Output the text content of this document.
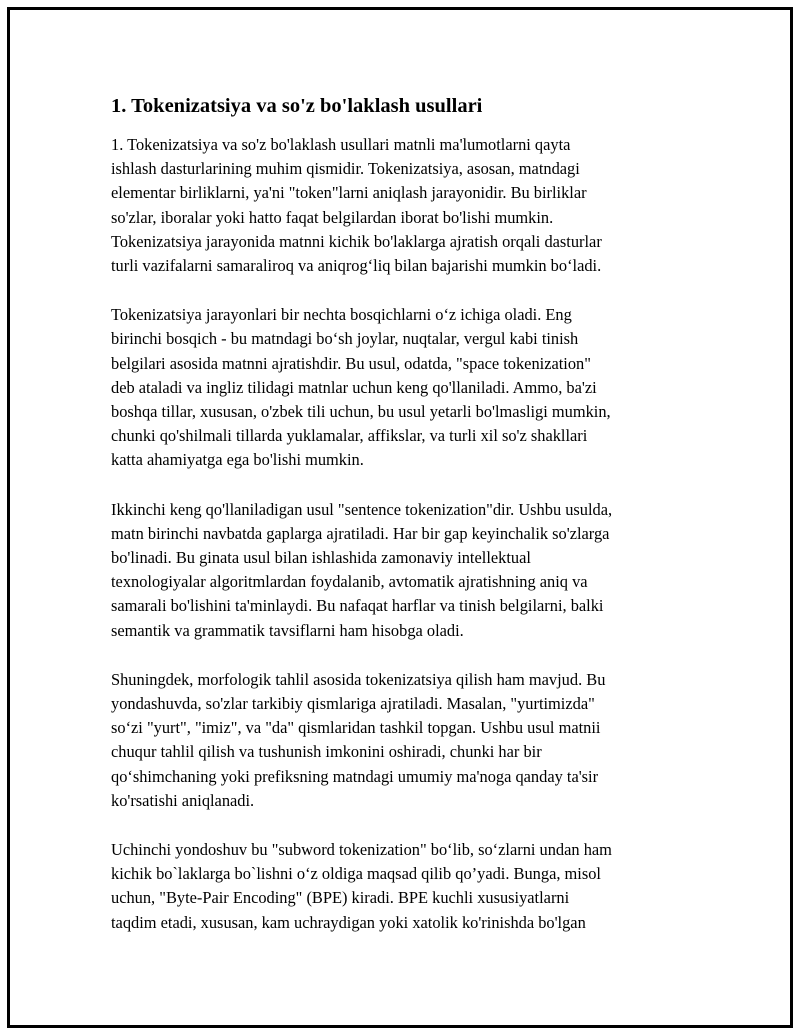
1. Tokenizatsiya va so'z bo'laklash usullari

1. Tokenizatsiya va so'z bo'laklash usullari matnli ma'lumotlarni qayta
ishlash dasturlarining muhim qismidir. Tokenizatsiya, asosan, matndagi
elementar birliklarni, ya'ni "token"larni aniqlash jarayonidir. Bu birliklar
so'zlar, iboralar yoki hatto faqat belgilardan iborat bo'lishi mumkin.
Tokenizatsiya jarayonida matnni kichik bo'laklarga ajratish orqali dasturlar
turli vazifalarni samaraliroq va aniqrog‘liq bilan bajarishi mumkin bo‘ladi.

Tokenizatsiya jarayonlari bir nechta bosqichlarni o‘z ichiga oladi. Eng
birinchi bosqich - bu matndagi bo‘sh joylar, nuqtalar, vergul kabi tinish
belgilari asosida matnni ajratishdir. Bu usul, odatda, "space tokenization"
deb ataladi va ingliz tilidagi matnlar uchun keng qo'llaniladi. Ammo, ba'zi
boshqa tillar, xususan, o'zbek tili uchun, bu usul yetarli bo'lmasligi mumkin,
chunki qo'shilmali tillarda yuklamalar, affikslar, va turli xil so'z shakllari
katta ahamiyatga ega bo'lishi mumkin.

Ikkinchi keng qo'llaniladigan usul "sentence tokenization"dir. Ushbu usulda,
matn birinchi navbatda gaplarga ajratiladi. Har bir gap keyinchalik so'zlarga
bo'linadi. Bu ginata usul bilan ishlashida zamonaviy intellektual
texnologiyalar algoritmlardan foydalanib, avtomatik ajratishning aniq va
samarali bo'lishini ta'minlaydi. Bu nafaqat harflar va tinish belgilarni, balki
semantik va grammatik tavsiflarni ham hisobga oladi.

Shuningdek, morfologik tahlil asosida tokenizatsiya qilish ham mavjud. Bu
yondashuvda, so'zlar tarkibiy qismlariga ajratiladi. Masalan, "yurtimizda"
so‘zi "yurt", "imiz", va "da" qismlaridan tashkil topgan. Ushbu usul matnii
chuqur tahlil qilish va tushunish imkonini oshiradi, chunki har bir
qo‘shimchaning yoki prefiksning matndagi umumiy ma'noga qanday ta'sir
ko'rsatishi aniqlanadi.

Uchinchi yondoshuv bu "subword tokenization" bo‘lib, so‘zlarni undan ham
kichik bo`laklarga bo`lishni o‘z oldiga maqsad qilib qo’yadi. Bunga, misol
uchun, "Byte-Pair Encoding" (BPE) kiradi. BPE kuchli xususiyatlarni
taqdim etadi, xususan, kam uchraydigan yoki xatolik ko'rinishda bo'lgan
